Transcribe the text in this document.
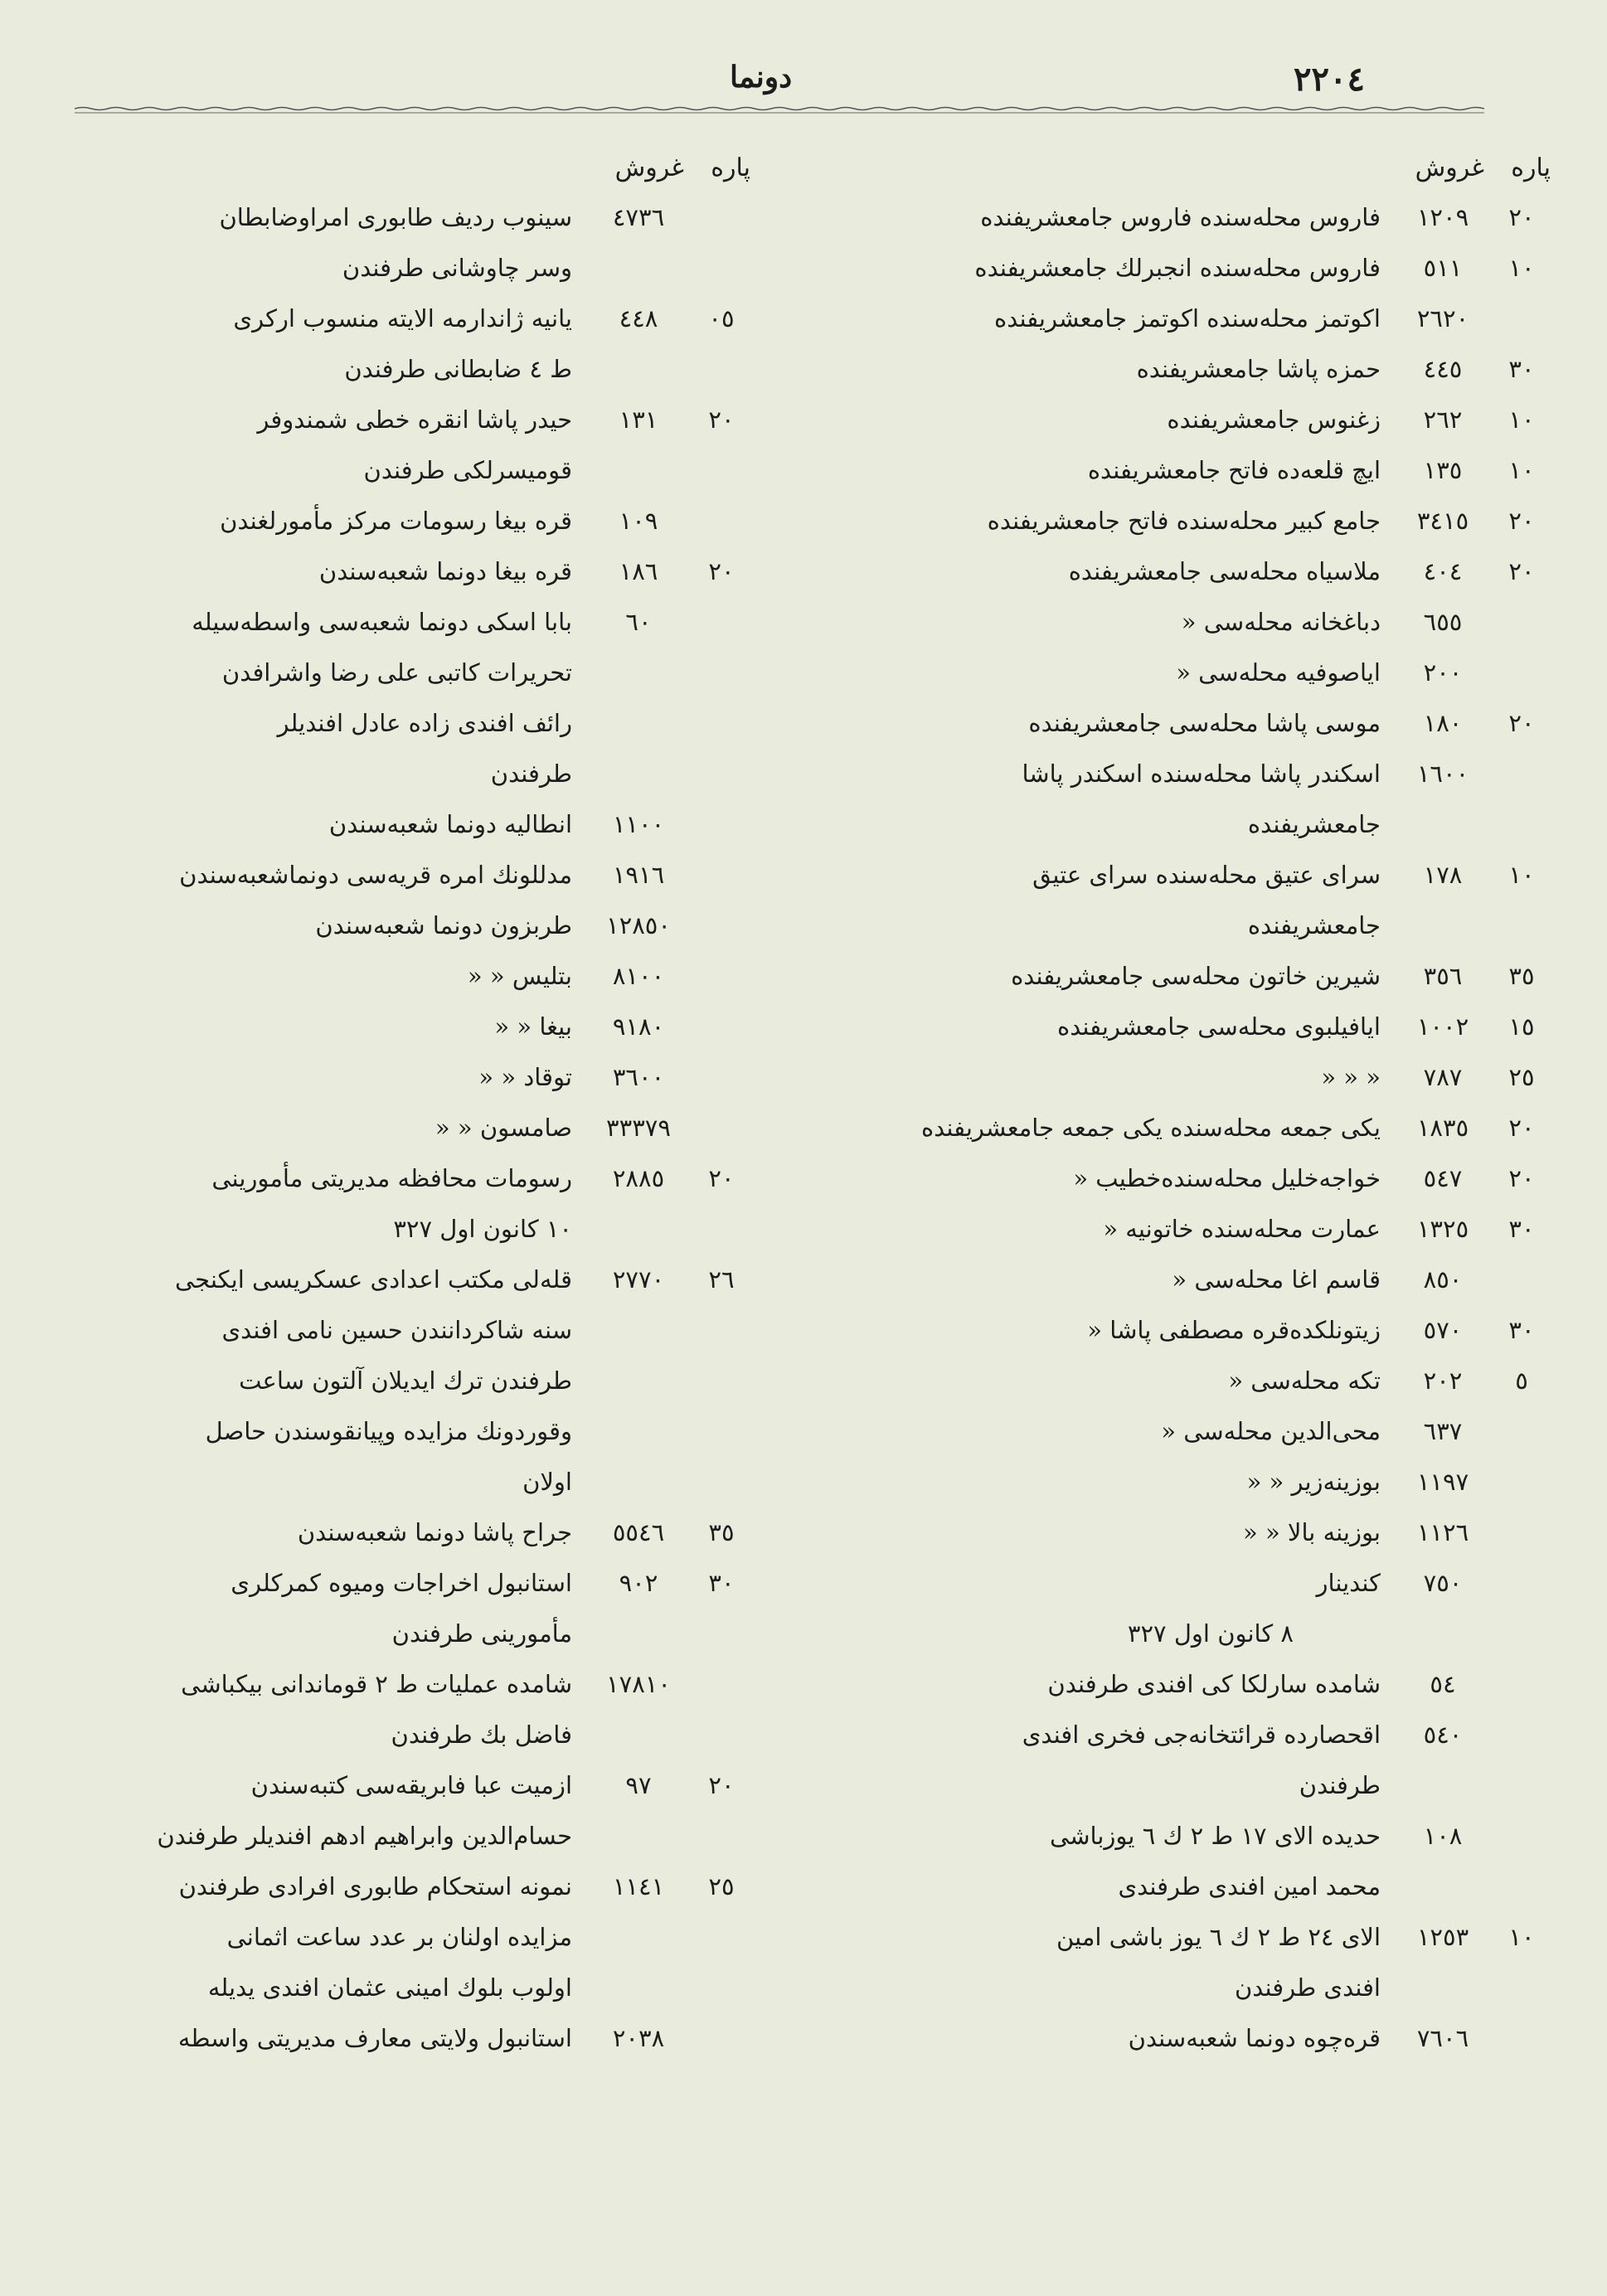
٢٢٠٤
دونما
پاره
غروش
٢٠
١٢٠٩
فاروس محله‌سنده فاروس جامعشریفنده
١٠
٥١١
فاروس محله‌سنده انجبرلك جامعشریفنده
٢٦٢٠
اکوتمز محله‌سنده اکوتمز جامعشریفنده
٣٠
٤٤٥
حمزه پاشا جامعشریفنده
١٠
٢٦٢
زغنوس جامعشریفنده
١٠
١٣٥
ایچ قلعه‌ده فاتح جامعشریفنده
٢٠
٣٤١٥
جامع کبیر محله‌سنده فاتح جامعشریفنده
٢٠
٤٠٤
ملاسیاه محله‌سی جامعشریفنده
٦٥٥
دباغخانه محله‌سی «
٢٠٠
ایاصوفیه محله‌سی «
٢٠
١٨٠
موسی پاشا محله‌سی جامعشریفنده
١٦٠٠
اسکندر پاشا محله‌سنده اسکندر پاشا
جامعشریفنده
١٠
١٧٨
سرای عتیق محله‌سنده سرای عتیق
جامعشریفنده
٣٥
٣٥٦
شیرین خاتون محله‌سی جامعشریفنده
١٥
١٠٠٢
ایافیلبوی محله‌سی جامعشریفنده
٢٥
٧٨٧
« « «
٢٠
١٨٣٥
یکی جمعه محله‌سنده یکی جمعه جامعشریفنده
٢٠
٥٤٧
خواجه‌خلیل محله‌سنده‌خطیب «
٣٠
١٣٢٥
عمارت محله‌سنده خاتونیه «
٨٥٠
قاسم اغا محله‌سی «
٣٠
٥٧٠
زیتونلکده‌قره مصطفی پاشا «
٥
٢٠٢
تکه محله‌سی «
٦٣٧
محی‌الدین محله‌سی «
١١٩٧
بوزینه‌زیر « «
١١٢٦
بوزینه بالا « «
٧٥٠
کندینار
٨ کانون اول ٣٢٧
٥٤
شامده سارلکا کی افندی طرفندن
٥٤٠
اقحصارده قرائتخانه‌جی فخری افندی
طرفندن
١٠٨
حدیده الای ١٧ ط ٢ ك ٦ یوزباشی
محمد امین افندی طرفندی
١٠
١٢٥٣
الای ٢٤ ط ٢ ك ٦ یوز باشی امین
افندی طرفندن
٧٦٠٦
قره‌چوه دونما شعبه‌سندن
پاره
غروش
٤٧٣٦
سینوب ردیف طابوری امراوضابطان
وسر چاوشانی طرفندن
٠٥
٤٤٨
یانیه ژاندارمه الایته منسوب ارکری
ط ٤ ضابطانی طرفندن
٢٠
١٣١
حیدر پاشا انقره خطی شمندوفر
قومیسرلکی طرفندن
١٠٩
قره بیغا رسومات مرکز مأمورلغندن
٢٠
١٨٦
قره بیغا دونما شعبه‌سندن
٦٠
بابا اسکی دونما شعبه‌سی واسطه‌سیله
تحریرات کاتبی علی رضا واشرافدن
رائف افندی زاده عادل افندیلر
طرفندن
١١٠٠
انطالیه دونما شعبه‌سندن
١٩١٦
مدللونك امره قریه‌سی دونماشعبه‌سندن
١٢٨٥٠
طربزون دونما شعبه‌سندن
٨١٠٠
بتلیس « «
٩١٨٠
بیغا « «
٣٦٠٠
توقاد « «
٣٣٣٧٩
صامسون « «
٢٠
٢٨٨٥
رسومات محافظه مدیریتی مأمورینی
١٠ کانون اول ٣٢٧
٢٦
٢٧٧٠
قله‌لی مکتب اعدادی عسکریسی ایکنجی
سنه شاکردانندن حسین نامی افندی
طرفندن ترك ایدیلان آلتون ساعت
وقوردونك مزایده وپیانقوسندن حاصل
اولان
٣٥
٥٥٤٦
جراح پاشا دونما شعبه‌سندن
٣٠
٩٠٢
استانبول اخراجات ومیوه کمرکلری
مأمورینی طرفندن
١٧٨١٠
شامده عملیات ط ٢ قوماندانی بیکباشی
فاضل بك طرفندن
٢٠
٩٧
ازمیت عبا فابریقه‌سی کتبه‌سندن
حسام‌الدین وابراهیم ادهم افندیلر طرفندن
٢٥
١١٤١
نمونه استحکام طابوری افرادی طرفندن
مزایده اولنان بر عدد ساعت اثمانی
اولوب بلوك امینی عثمان افندی یدیله
٢٠٣٨
استانبول ولایتی معارف مدیریتی واسطه
